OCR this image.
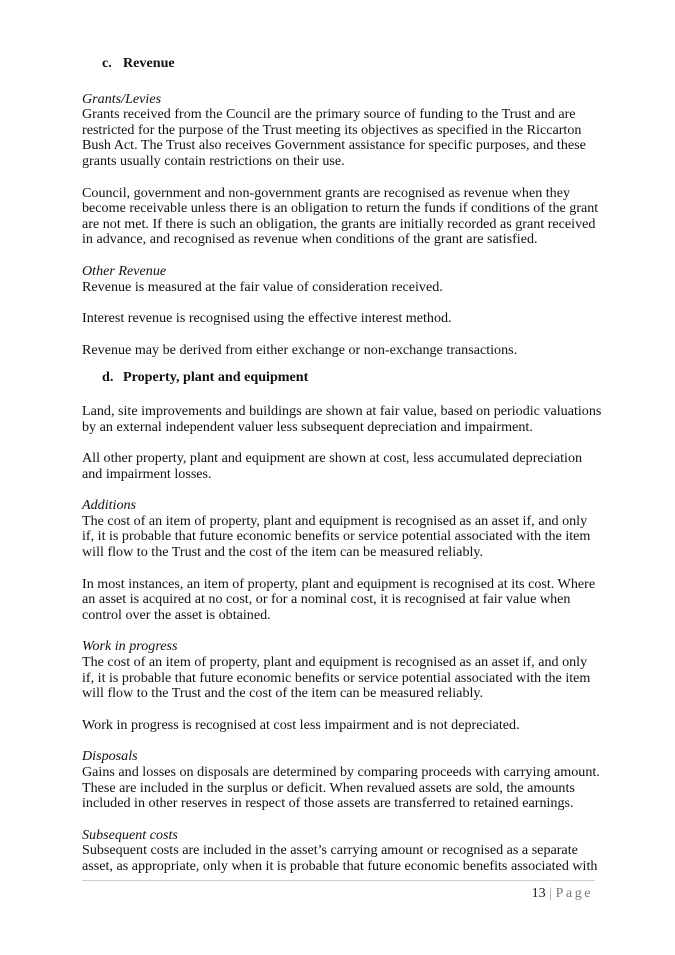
c. Revenue

Grants/Levies

Grants received from the Council are the primary source of funding to the Trust and are restricted for the purpose of the Trust meeting its objectives as specified in the Riccarton Bush Act. The Trust also receives Government assistance for specific purposes, and these grants usually contain restrictions on their use.

Council, government and non-government grants are recognised as revenue when they become receivable unless there is an obligation to return the funds if conditions of the grant are not met. If there is such an obligation, the grants are initially recorded as grant received in advance, and recognised as revenue when conditions of the grant are satisfied.

Other Revenue

Revenue is measured at the fair value of consideration received.

Interest revenue is recognised using the effective interest method.

Revenue may be derived from either exchange or non-exchange transactions.

d. Property, plant and equipment

Land, site improvements and buildings are shown at fair value, based on periodic valuations by an external independent valuer less subsequent depreciation and impairment.

All other property, plant and equipment are shown at cost, less accumulated depreciation and impairment losses.

Additions

The cost of an item of property, plant and equipment is recognised as an asset if, and only if, it is probable that future economic benefits or service potential associated with the item will flow to the Trust and the cost of the item can be measured reliably.

In most instances, an item of property, plant and equipment is recognised at its cost. Where an asset is acquired at no cost, or for a nominal cost, it is recognised at fair value when control over the asset is obtained.

Work in progress

The cost of an item of property, plant and equipment is recognised as an asset if, and only if, it is probable that future economic benefits or service potential associated with the item will flow to the Trust and the cost of the item can be measured reliably.

Work in progress is recognised at cost less impairment and is not depreciated.

Disposals

Gains and losses on disposals are determined by comparing proceeds with carrying amount. These are included in the surplus or deficit. When revalued assets are sold, the amounts included in other reserves in respect of those assets are transferred to retained earnings.

Subsequent costs

Subsequent costs are included in the asset’s carrying amount or recognised as a separate asset, as appropriate, only when it is probable that future economic benefits associated with

13 | Page
